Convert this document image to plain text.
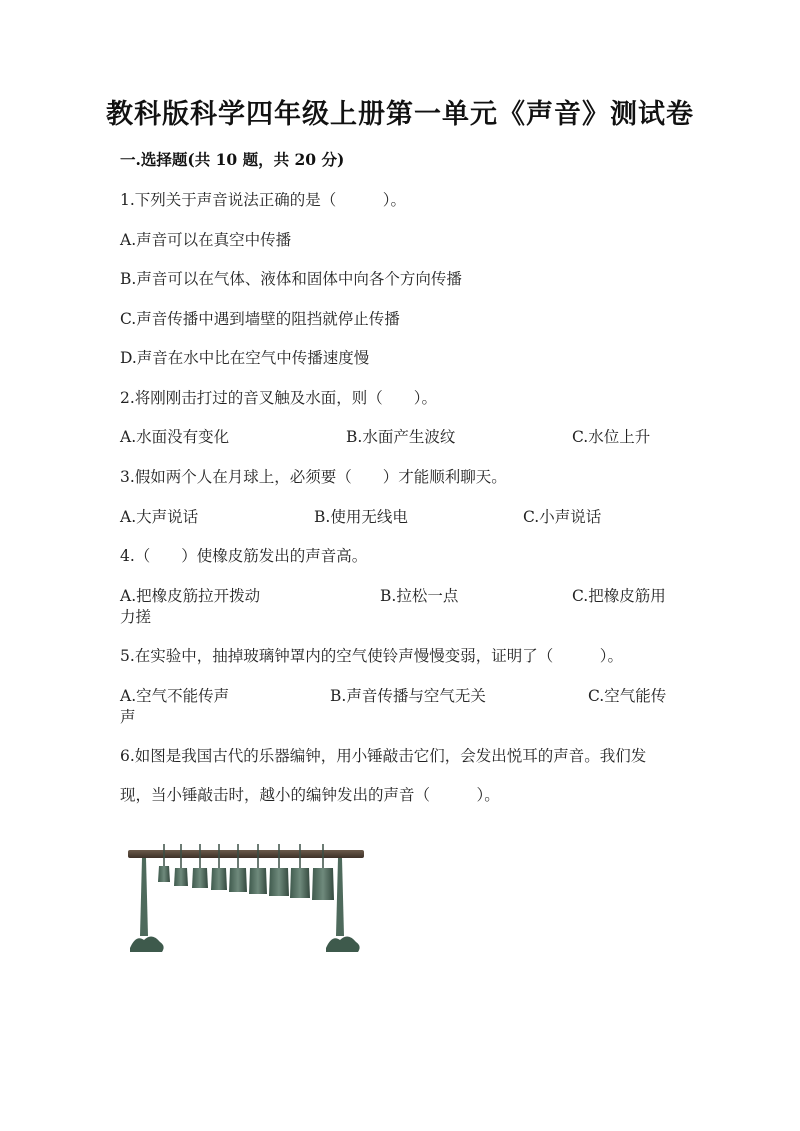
教科版科学四年级上册第一单元《声音》测试卷
一.选择题(共 10 题，共 20 分)
1.下列关于声音说法正确的是（　　　）。
A.声音可以在真空中传播
B.声音可以在气体、液体和固体中向各个方向传播
C.声音传播中遇到墙壁的阻挡就停止传播
D.声音在水中比在空气中传播速度慢
2.将刚刚击打过的音叉触及水面，则（　　）。
A.水面没有变化	B.水面产生波纹	C.水位上升
3.假如两个人在月球上，必须要（　　）才能顺利聊天。
A.大声说话	B.使用无线电	C.小声说话
4.（　　）使橡皮筋发出的声音高。
A.把橡皮筋拉开拨动	B.拉松一点	C.把橡皮筋用
力搓
5.在实验中，抽掉玻璃钟罩内的空气使铃声慢慢变弱，证明了（　　　）。
A.空气不能传声	B.声音传播与空气无关	C.空气能传
声
6.如图是我国古代的乐器编钟，用小锤敲击它们，会发出悦耳的声音。我们发
现，当小锤敲击时，越小的编钟发出的声音（　　　）。
